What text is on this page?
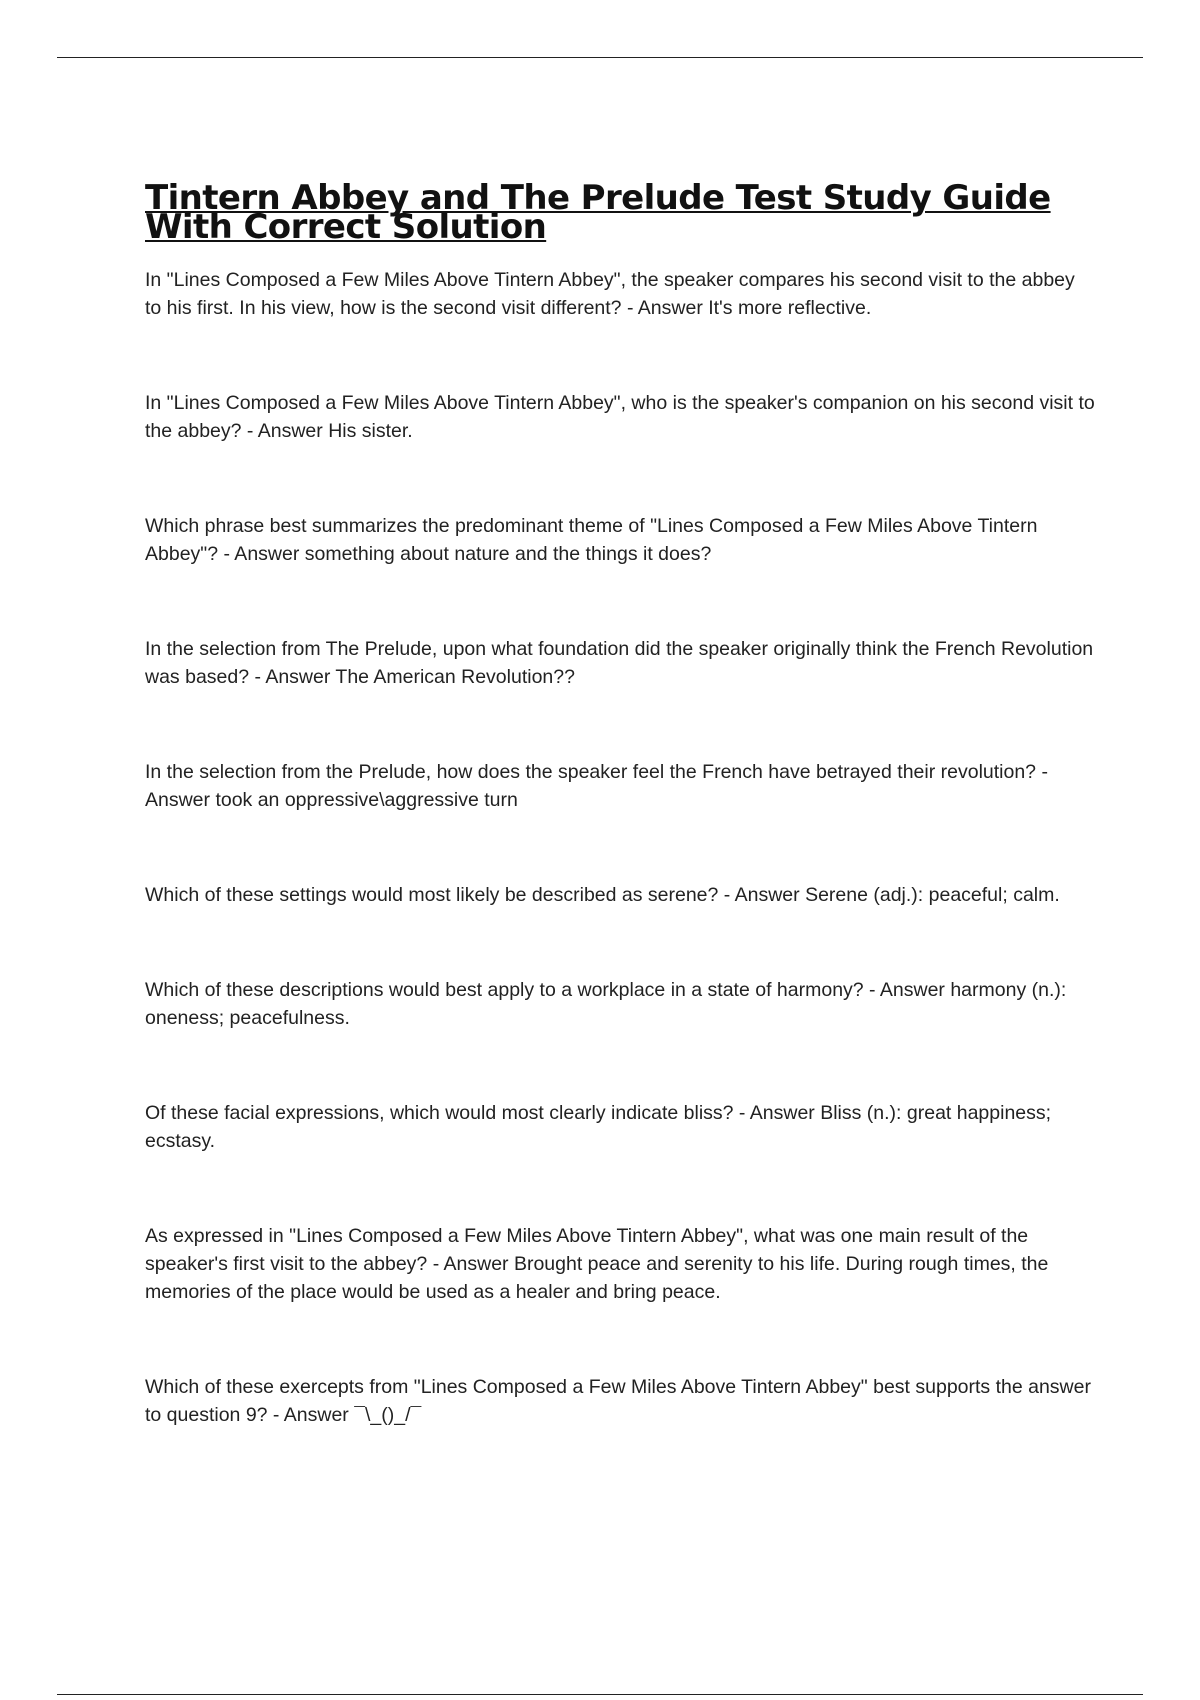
Tintern Abbey and The Prelude Test Study Guide With Correct Solution
In "Lines Composed a Few Miles Above Tintern Abbey", the speaker compares his second visit to the abbey to his first. In his view, how is the second visit different? - Answer It's more reflective.
In "Lines Composed a Few Miles Above Tintern Abbey", who is the speaker's companion on his second visit to the abbey? - Answer His sister.
Which phrase best summarizes the predominant theme of "Lines Composed a Few Miles Above Tintern Abbey"? - Answer something about nature and the things it does?
In the selection from The Prelude, upon what foundation did the speaker originally think the French Revolution was based? - Answer The American Revolution??
In the selection from the Prelude, how does the speaker feel the French have betrayed their revolution? - Answer took an oppressive\aggressive turn
Which of these settings would most likely be described as serene? - Answer Serene (adj.): peaceful; calm.
Which of these descriptions would best apply to a workplace in a state of harmony? - Answer harmony (n.): oneness; peacefulness.
Of these facial expressions, which would most clearly indicate bliss? - Answer Bliss (n.): great happiness; ecstasy.
As expressed in "Lines Composed a Few Miles Above Tintern Abbey", what was one main result of the speaker's first visit to the abbey? - Answer Brought peace and serenity to his life. During rough times, the memories of the place would be used as a healer and bring peace.
Which of these exercepts from "Lines Composed a Few Miles Above Tintern Abbey" best supports the answer to question 9? - Answer ¯\_()_/¯
